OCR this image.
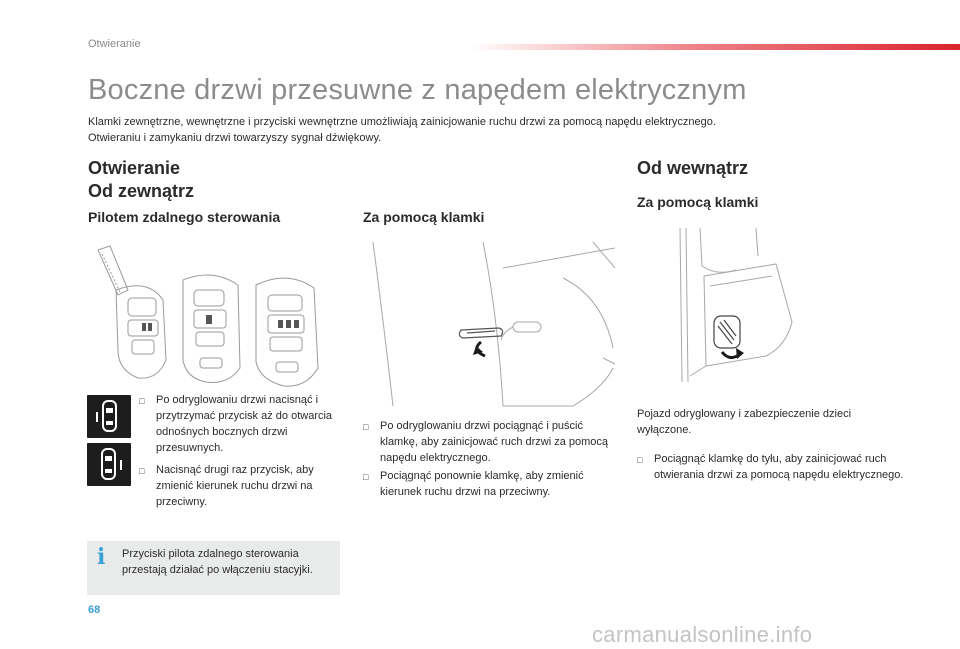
Otwieranie
Boczne drzwi przesuwne z napędem elektrycznym

Klamki zewnętrzne, wewnętrzne i przyciski wewnętrzne umożliwiają zainicjowanie ruchu drzwi za pomocą napędu elektrycznego.

Otwieraniu i zamykaniu drzwi towarzyszy sygnał dźwiękowy.

Otwieranie
Od zewnątrz
Od wewnątrz
Pilotem zdalnego sterowania	Za pomocą klamki
Za pomocą klamki
□	Po odryglowaniu drzwi nacisnąć i przytrzymać przycisk aż do otwarcia odnośnych bocznych drzwi przesuwnych.
□	Nacisnąć drugi raz przycisk, aby zmienić kierunek ruchu drzwi na przeciwny.
i Przyciski pilota zdalnego sterowania przestają działać po włączeniu stacyjki.
□	Po odryglowaniu drzwi pociągnąć i puścić klamkę, aby zainicjować ruch drzwi za pomocą napędu elektrycznego.
□	Pociągnąć ponownie klamkę, aby zmienić kierunek ruchu drzwi na przeciwny.
Pojazd odryglowany i zabezpieczenie dzieci wyłączone.
□	Pociągnąć klamkę do tyłu, aby zainicjować ruch otwierania drzwi za pomocą napędu elektrycznego.
68
carmanualsonline.info
